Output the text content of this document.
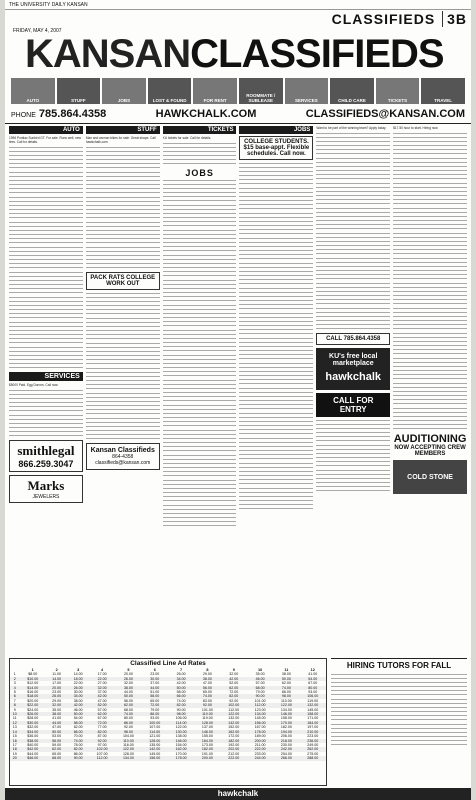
THE UNIVERSITY DAILY KANSAN
CLASSIFIEDS 3B
FRIDAY, MAY 4, 2007
KANSANCLASSIFIEDS
AUTO	STUFF	JOBS	LOST & FOUND	FOR RENT
ROOMMATE / SUBLEASE	SERVICES	CHILD CARE	TICKETS	TRAVEL
PHONE 785.864.4358	HAWKCHALK.COM	CLASSIFIEDS@KANSAN.COM
AUTO
1996 Pontiac Sunbird GT. For sale. Runs well, new tires. Call for details.
SERVICES
$5000 Paid. Egg Donors. Call now.
smithlegal
866.259.3047
Marks
JEWELERS
STUFF
Man and woman bikes for sale. Great shape. Call hawkchalk.com
PACK RATS COLLEGE WORK OUT
Kansan Classifieds
864-4358
classifieds@kansan.com
TICKETS
KU tickets for sale. Call for details.
JOBS
JOBS
COLLEGE STUDENTS. $15 base-appt. Flexible schedules. Call now.
Want to be part of the winning team? Apply today.
CALL 785.864.4358
KU's free local marketplace
hawkchalk
CALL FOR ENTRY
$17.50 hour to start. Hiring now.
AUDITIONING
NOW ACCEPTING CREW MEMBERS
COLD STONE
Classified Line Ad Rates
	1	2	3	4	5	6	7	8	9	10	11	12
1	$8.00	11.00	14.00	17.00	20.00	23.00	26.00	29.00	32.00	35.00	38.00	41.00
2	$10.00	14.00	18.00	22.00	26.00	30.00	34.00	38.00	42.00	46.00	50.00	54.00
3	$12.00	17.00	22.00	27.00	32.00	37.00	42.00	47.00	52.00	57.00	62.00	67.00
4	$14.00	20.00	26.00	32.00	38.00	44.00	50.00	56.00	62.00	68.00	74.00	80.00
5	$16.00	23.00	30.00	37.00	44.00	51.00	58.00	65.00	72.00	79.00	86.00	93.00
6	$18.00	26.00	34.00	42.00	50.00	58.00	66.00	74.00	82.00	90.00	98.00	106.00
7	$20.00	29.00	38.00	47.00	56.00	65.00	74.00	83.00	92.00	101.00	110.00	119.00
8	$22.00	32.00	42.00	52.00	62.00	72.00	82.00	92.00	102.00	112.00	122.00	132.00
9	$24.00	35.00	46.00	57.00	68.00	79.00	90.00	101.00	112.00	123.00	134.00	145.00
10	$26.00	38.00	50.00	62.00	74.00	86.00	98.00	110.00	122.00	134.00	146.00	158.00
11	$28.00	41.00	54.00	67.00	80.00	93.00	106.00	119.00	132.00	145.00	158.00	171.00
12	$30.00	44.00	58.00	72.00	86.00	100.00	114.00	128.00	142.00	156.00	170.00	184.00
13	$32.00	47.00	62.00	77.00	92.00	107.00	122.00	137.00	152.00	167.00	182.00	197.00
14	$34.00	50.00	66.00	82.00	98.00	114.00	130.00	146.00	162.00	178.00	194.00	210.00
15	$36.00	53.00	70.00	87.00	104.00	121.00	138.00	155.00	172.00	189.00	206.00	223.00
16	$38.00	56.00	74.00	92.00	110.00	128.00	146.00	164.00	182.00	200.00	218.00	236.00
17	$40.00	59.00	78.00	97.00	116.00	135.00	154.00	173.00	192.00	211.00	230.00	249.00
18	$42.00	62.00	82.00	102.00	122.00	142.00	162.00	182.00	202.00	222.00	242.00	262.00
19	$44.00	65.00	86.00	107.00	128.00	149.00	170.00	191.00	212.00	233.00	254.00	275.00
20	$46.00	68.00	90.00	112.00	134.00	156.00	178.00	200.00	222.00	244.00	266.00	288.00
HIRING TUTORS FOR FALL
hawkchalk
